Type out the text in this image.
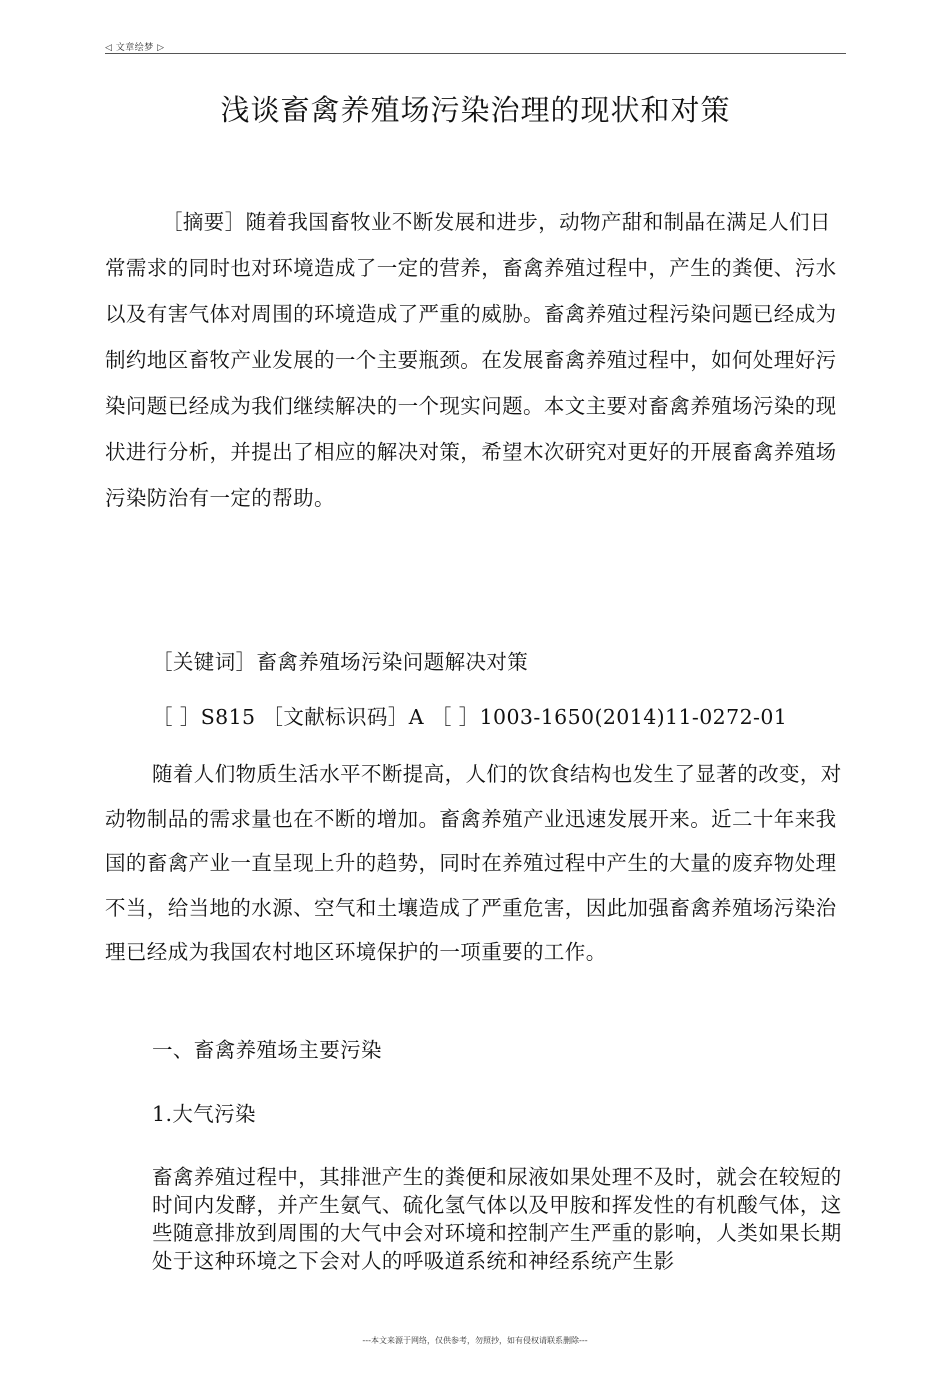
◁ 文章绘梦 ▷
浅谈畜禽养殖场污染治理的现状和对策

［摘要］随着我国畜牧业不断发展和进步，动物产甜和制晶在满足人们日常需求的同时也对环境造成了一定的营养，畜禽养殖过程中，产生的粪便、污水以及有害气体对周围的环境造成了严重的威胁。畜禽养殖过程污染问题已经成为制约地区畜牧产业发展的一个主要瓶颈。在发展畜禽养殖过程中，如何处理好污染问题已经成为我们继续解决的一个现实问题。本文主要对畜禽养殖场污染的现状进行分析，并提出了相应的解决对策，希望木次研究对更好的开展畜禽养殖场污染防治有一定的帮助。

［关键词］畜禽养殖场污染问题解决对策

［ ］S815 ［文献标识码］A ［ ］1003-1650(2014)11-0272-01

随着人们物质生活水平不断提高，人们的饮食结构也发生了显著的改变，对动物制品的需求量也在不断的增加。畜禽养殖产业迅速发展开来。近二十年来我国的畜禽产业一直呈现上升的趋势，同时在养殖过程中产生的大量的废弃物处理不当，给当地的水源、空气和土壤造成了严重危害，因此加强畜禽养殖场污染治理已经成为我国农村地区环境保护的一项重要的工作。

一、畜禽养殖场主要污染

1.大气污染

畜禽养殖过程中，其排泄产生的粪便和尿液如果处理不及时，就会在较短的时间内发酵，并产生氨气、硫化氢气体以及甲胺和挥发性的有机酸气体，这些随意排放到周围的大气中会对环境和控制产生严重的影响，人类如果长期处于这种环境之下会对人的呼吸道系统和神经系统产生影

---本文来源于网络，仅供参考，勿照抄，如有侵权请联系删除---
